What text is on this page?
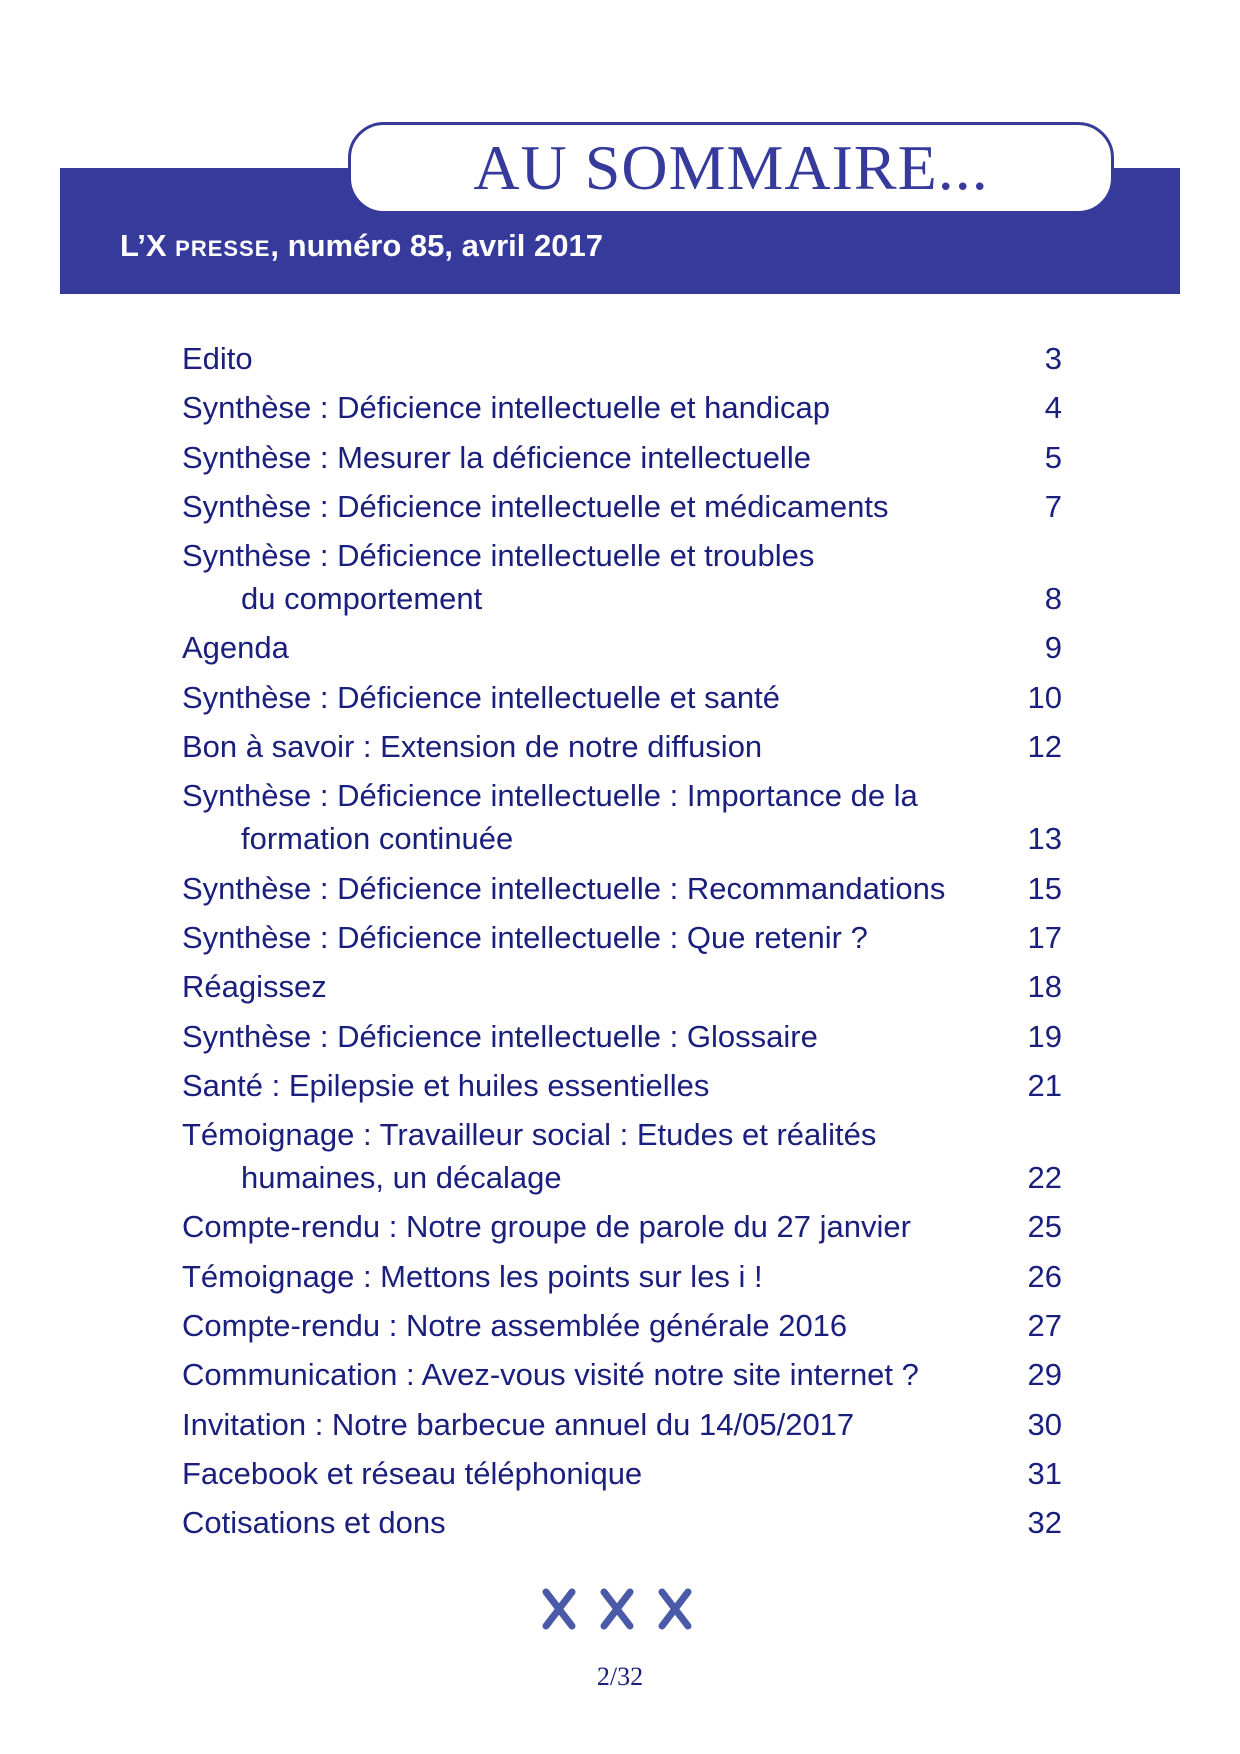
AU SOMMAIRE...
L’X presse, numéro 85, avril 2017
Edito	3
Synthèse : Déficience intellectuelle et handicap	4
Synthèse : Mesurer la déficience intellectuelle	5
Synthèse : Déficience intellectuelle et médicaments	7
Synthèse : Déficience intellectuelle et troubles
du comportement	8
Agenda	9
Synthèse : Déficience intellectuelle et santé	10
Bon à savoir : Extension de notre diffusion	12
Synthèse : Déficience intellectuelle : Importance de la
formation continuée	13
Synthèse : Déficience intellectuelle : Recommandations	15
Synthèse : Déficience intellectuelle : Que retenir ?	17
Réagissez	18
Synthèse : Déficience intellectuelle : Glossaire	19
Santé : Epilepsie et huiles essentielles	21
Témoignage : Travailleur social : Etudes et réalités
humaines, un décalage	22
Compte-rendu : Notre groupe de parole du 27 janvier	25
Témoignage : Mettons les points sur les i !	26
Compte-rendu : Notre assemblée générale 2016	27
Communication : Avez-vous visité notre site internet ?	29
Invitation : Notre barbecue annuel du 14/05/2017	30
Facebook et réseau téléphonique	31
Cotisations et dons	32
2/32
